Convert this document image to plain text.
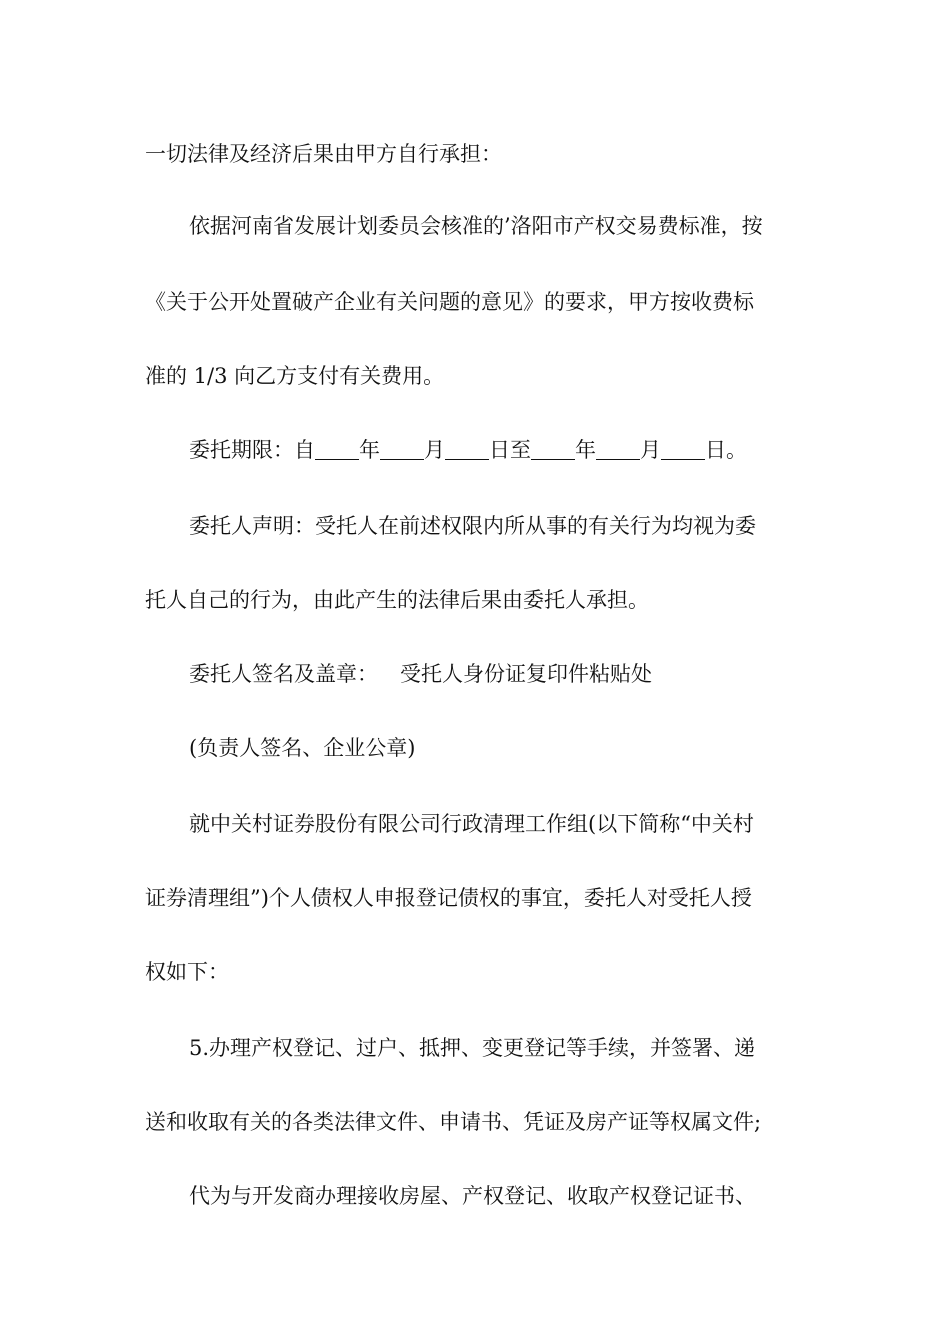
一切法律及经济后果由甲方自行承担：
依据河南省发展计划委员会核准的’洛阳市产权交易费标准，按
《关于公开处置破产企业有关问题的意见》的要求，甲方按收费标
准的 1/3 向乙方支付有关费用。
委托期限：自 年 月 日至 年 月 日。
委托人声明：受托人在前述权限内所从事的有关行为均视为委
托人自己的行为，由此产生的法律后果由委托人承担。
委托人签名及盖章： 受托人身份证复印件粘贴处
(负责人签名、企业公章)
就中关村证券股份有限公司行政清理工作组(以下简称“中关村
证券清理组”)个人债权人申报登记债权的事宜，委托人对受托人授
权如下：
5.办理产权登记、过户、抵押、变更登记等手续，并签署、递
送和收取有关的各类法律文件、申请书、凭证及房产证等权属文件;
代为与开发商办理接收房屋、产权登记、收取产权登记证书、
